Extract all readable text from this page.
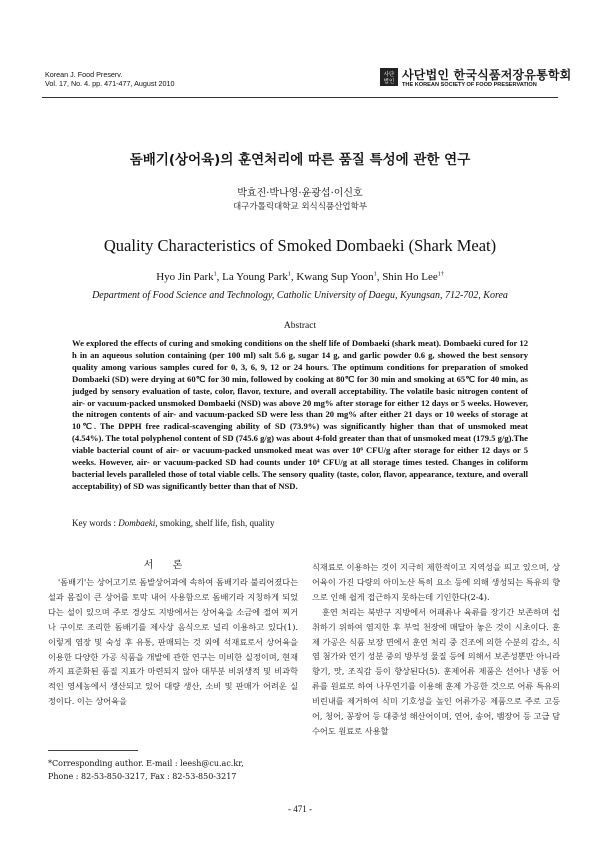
Korean J. Food Preserv.
Vol. 17, No. 4. pp. 471-477, August 2010
사단
법인 사단법인 한국식품저장유통학회
THE KOREAN SOCIETY OF FOOD PRESERVATION
돔배기(상어육)의 훈연처리에 따른 품질 특성에 관한 연구
박효진·박나영·윤광섭·이신호
대구가톨릭대학교 외식식품산업학부
Quality Characteristics of Smoked Dombaeki (Shark Meat)
Hyo Jin Park$^1$, La Young Park$^1$, Kwang Sup Yoon$^1$, Shin Ho Lee$^{1\dagger}$
Department of Food Science and Technology, Catholic University of Daegu, Kyungsan, 712-702, Korea
Abstract
We explored the effects of curing and smoking conditions on the shelf life of Dombaeki (shark meat). Dombaeki cured for 12 h in an aqueous solution containing (per 100 ml) salt 5.6 g, sugar 14 g, and garlic powder 0.6 g, showed the best sensory quality among various samples cured for 0, 3, 6, 9, 12 or 24 hours. The optimum conditions for preparation of smoked Dombaeki (SD) were drying at 60℃ for 30 min, followed by cooking at 80℃ for 30 min and smoking at 65℃ for 40 min, as judged by sensory evaluation of taste, color, flavor, texture, and overall acceptability. The volatile basic nitrogen content of air- or vacuum-packed unsmoked Dombaeki (NSD) was above 20 mg% after storage for either 12 days or 5 weeks. However, the nitrogen contents of air- and vacuum-packed SD were less than 20 mg% after either 21 days or 10 weeks of storage at 10℃. The DPPH free radical-scavenging ability of SD (73.9%) was significantly higher than that of unsmoked meat (4.54%). The total polyphenol content of SD (745.6 g/g) was about 4-fold greater than that of unsmoked meat (179.5 g/g).The viable bacterial count of air- or vacuum-packed unsmoked meat was over 10⁶ CFU/g after storage for either 12 days or 5 weeks. However, air- or vacuum-packed SD had counts under 10⁴ CFU/g at all storage times tested. Changes in coliform bacterial levels paralleled those of total viable cells. The sensory quality (taste, color, flavor, appearance, texture, and overall acceptability) of SD was significantly better than that of NSD.
Key words : Dombaeki, smoking, shelf life, fish, quality
서 론

'돔배기'는 상어고기로 돔발상어과에 속하여 돔배기라 불리어졌다는 설과 몸집이 큰 상어를 토막 내어 사용함으로 돔배기라 지칭하게 되었다는 설이 있으며 주로 경상도 지방에서는 상어육을 소금에 절여 찌거나 구이로 조리한 돔배기를 제사상 음식으로 널리 이용하고 있다(1). 이렇게 염장 및 숙성 후 유통, 판매되는 것 외에 석재료로서 상어육을 이용한 다양한 가공 식품을 개발에 관한 연구는 미비한 실정이며, 현재까지 표준화된 품질 지표가 마련되지 않아 대부분 비위생적 및 비과학적인 영세농에서 생산되고 있어 대량 생산, 소비 및 판매가 어려운 실정이다. 이는 상어육을

식재료로 이용하는 것이 지극히 제한적이고 지역성을 띄고 있으며, 상어육이 가진 다량의 아미노산 특히 요소 등에 의해 생성되는 특유의 향으로 인해 쉽게 접근하지 못하는데 기인한다(2-4).

훈연 처리는 북반구 지방에서 어패류나 육류를 장기간 보존하며 섭취하기 위하여 염지한 후 부엌 천장에 매달아 놓은 것이 시초이다. 훈제 가공은 식품 보장 면에서 훈연 처리 중 건조에 의한 수분의 감소, 식염 첨가와 연기 성분 중의 방부성 물질 등에 의해서 보존성뿐만 아니라 향기, 맛, 조직감 등이 향상된다(5). 훈제어류 제품은 선어나 냉동 어류를 원료로 하여 나무연기를 이용해 훈제 가공한 것으로 어류 특유의 비린내를 제거하여 식미 기호성을 높인 어류가공 제품으로 주로 고등어, 청어, 꽁장어 등 대중성 해산어이며, 연어, 송어, 뱀장어 등 고급 담수어도 원료로 사용할

*Corresponding author. E-mail : leesh@cu.ac.kr,
Phone : 82-53-850-3217, Fax : 82-53-850-3217
- 471 -
